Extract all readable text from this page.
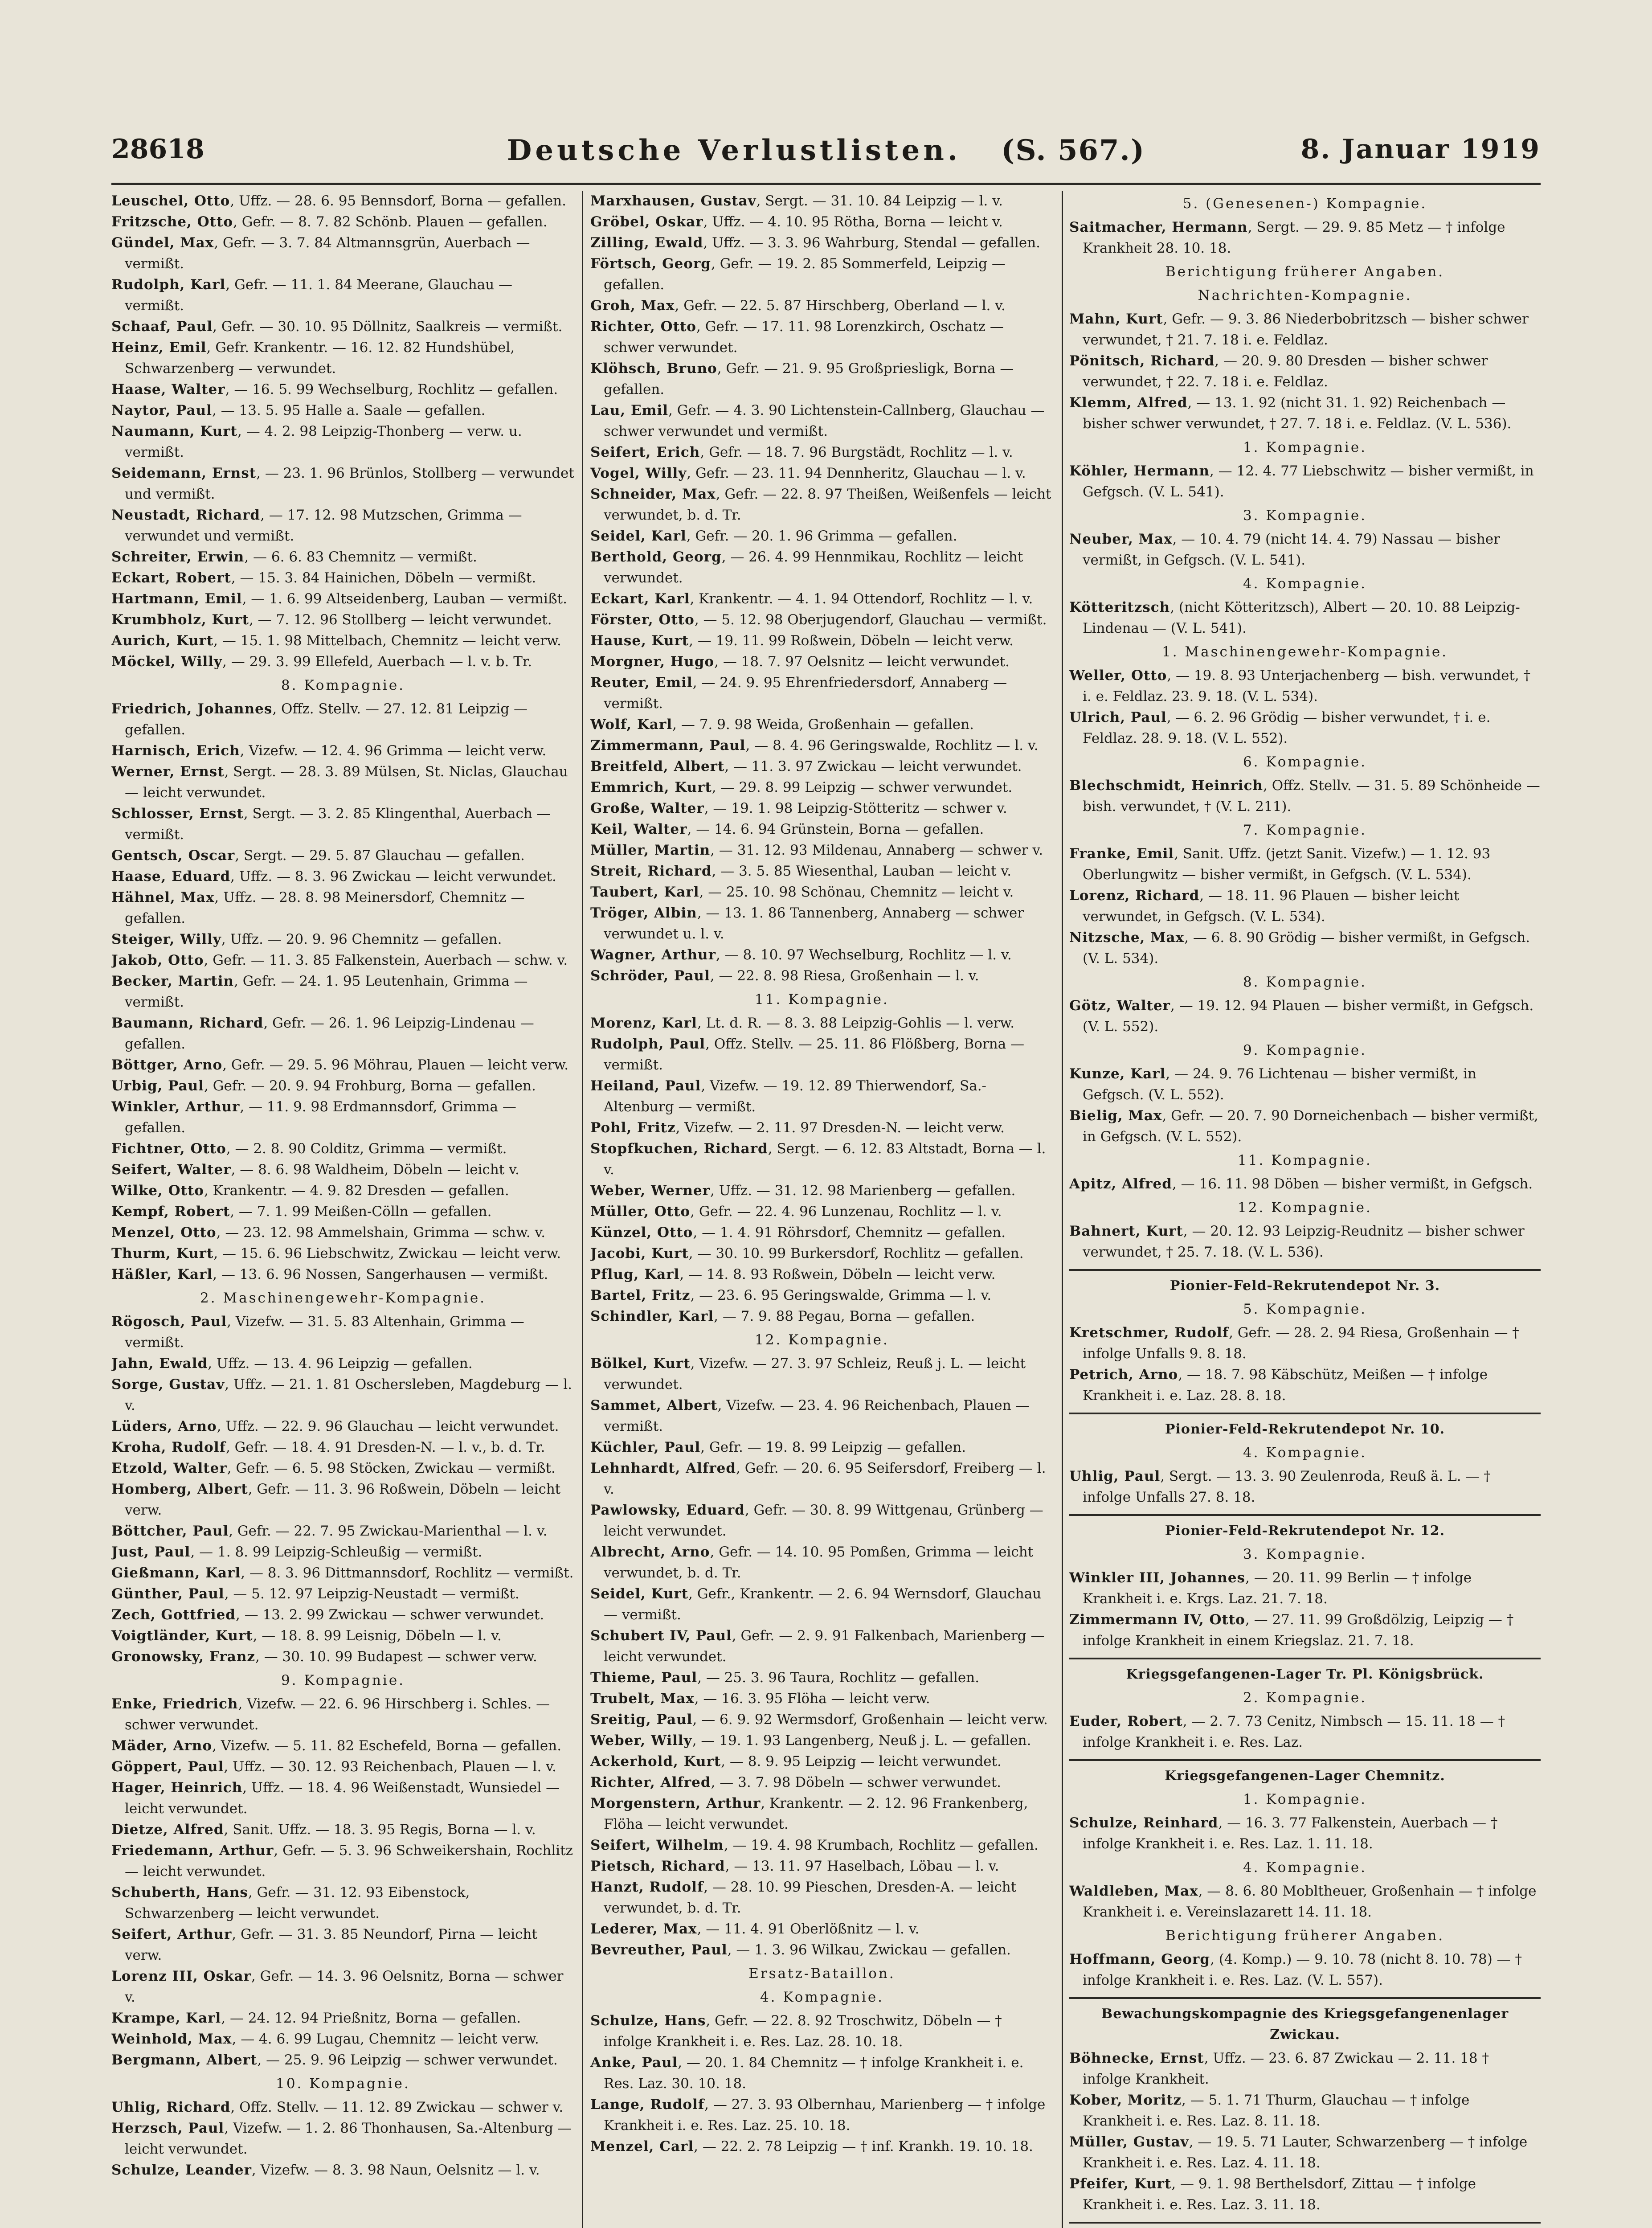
28618	Deutsche Verlustlisten. (S. 567.)	8. Januar 1919

Leuschel, Otto, Uffz. — 28. 6. 95 Bennsdorf, Borna — gefallen.

Fritzsche, Otto, Gefr. — 8. 7. 82 Schönb. Plauen — gefallen.

Gündel, Max, Gefr. — 3. 7. 84 Altmannsgrün, Auerbach — vermißt.

Rudolph, Karl, Gefr. — 11. 1. 84 Meerane, Glauchau — vermißt.

Schaaf, Paul, Gefr. — 30. 10. 95 Döllnitz, Saalkreis — vermißt.

Heinz, Emil, Gefr. Krankentr. — 16. 12. 82 Hundshübel, Schwarzenberg — verwundet.

Haase, Walter, — 16. 5. 99 Wechselburg, Rochlitz — gefallen.

Naytor, Paul, — 13. 5. 95 Halle a. Saale — gefallen.

Naumann, Kurt, — 4. 2. 98 Leipzig-Thonberg — verw. u. vermißt.

Seidemann, Ernst, — 23. 1. 96 Brünlos, Stollberg — verwundet und vermißt.

Neustadt, Richard, — 17. 12. 98 Mutzschen, Grimma — verwundet und vermißt.

Schreiter, Erwin, — 6. 6. 83 Chemnitz — vermißt.

Eckart, Robert, — 15. 3. 84 Hainichen, Döbeln — vermißt.

Hartmann, Emil, — 1. 6. 99 Altseidenberg, Lauban — vermißt.

Krumbholz, Kurt, — 7. 12. 96 Stollberg — leicht verwundet.

Aurich, Kurt, — 15. 1. 98 Mittelbach, Chemnitz — leicht verw.

Möckel, Willy, — 29. 3. 99 Ellefeld, Auerbach — l. v. b. Tr.

8. Kompagnie.

Friedrich, Johannes, Offz. Stellv. — 27. 12. 81 Leipzig — gefallen.

Harnisch, Erich, Vizefw. — 12. 4. 96 Grimma — leicht verw.

Werner, Ernst, Sergt. — 28. 3. 89 Mülsen, St. Niclas, Glauchau — leicht verwundet.

Schlosser, Ernst, Sergt. — 3. 2. 85 Klingenthal, Auerbach — vermißt.

Gentsch, Oscar, Sergt. — 29. 5. 87 Glauchau — gefallen.

Haase, Eduard, Uffz. — 8. 3. 96 Zwickau — leicht verwundet.

Hähnel, Max, Uffz. — 28. 8. 98 Meinersdorf, Chemnitz — gefallen.

Steiger, Willy, Uffz. — 20. 9. 96 Chemnitz — gefallen.

Jakob, Otto, Gefr. — 11. 3. 85 Falkenstein, Auerbach — schw. v.

Becker, Martin, Gefr. — 24. 1. 95 Leutenhain, Grimma — vermißt.

Baumann, Richard, Gefr. — 26. 1. 96 Leipzig-Lindenau — gefallen.

Böttger, Arno, Gefr. — 29. 5. 96 Möhrau, Plauen — leicht verw.

Urbig, Paul, Gefr. — 20. 9. 94 Frohburg, Borna — gefallen.

Winkler, Arthur, — 11. 9. 98 Erdmannsdorf, Grimma — gefallen.

Fichtner, Otto, — 2. 8. 90 Colditz, Grimma — vermißt.

Seifert, Walter, — 8. 6. 98 Waldheim, Döbeln — leicht v.

Wilke, Otto, Krankentr. — 4. 9. 82 Dresden — gefallen.

Kempf, Robert, — 7. 1. 99 Meißen-Cölln — gefallen.

Menzel, Otto, — 23. 12. 98 Ammelshain, Grimma — schw. v.

Thurm, Kurt, — 15. 6. 96 Liebschwitz, Zwickau — leicht verw.

Häßler, Karl, — 13. 6. 96 Nossen, Sangerhausen — vermißt.

2. Maschinengewehr-Kompagnie.

Rögosch, Paul, Vizefw. — 31. 5. 83 Altenhain, Grimma — vermißt.

Jahn, Ewald, Uffz. — 13. 4. 96 Leipzig — gefallen.

Sorge, Gustav, Uffz. — 21. 1. 81 Oschersleben, Magdeburg — l. v.

Lüders, Arno, Uffz. — 22. 9. 96 Glauchau — leicht verwundet.

Kroha, Rudolf, Gefr. — 18. 4. 91 Dresden-N. — l. v., b. d. Tr.

Etzold, Walter, Gefr. — 6. 5. 98 Stöcken, Zwickau — vermißt.

Homberg, Albert, Gefr. — 11. 3. 96 Roßwein, Döbeln — leicht verw.

Böttcher, Paul, Gefr. — 22. 7. 95 Zwickau-Marienthal — l. v.

Just, Paul, — 1. 8. 99 Leipzig-Schleußig — vermißt.

Gießmann, Karl, — 8. 3. 96 Dittmannsdorf, Rochlitz — vermißt.

Günther, Paul, — 5. 12. 97 Leipzig-Neustadt — vermißt.

Zech, Gottfried, — 13. 2. 99 Zwickau — schwer verwundet.

Voigtländer, Kurt, — 18. 8. 99 Leisnig, Döbeln — l. v.

Gronowsky, Franz, — 30. 10. 99 Budapest — schwer verw.

9. Kompagnie.

Enke, Friedrich, Vizefw. — 22. 6. 96 Hirschberg i. Schles. — schwer verwundet.

Mäder, Arno, Vizefw. — 5. 11. 82 Eschefeld, Borna — gefallen.

Göppert, Paul, Uffz. — 30. 12. 93 Reichenbach, Plauen — l. v.

Hager, Heinrich, Uffz. — 18. 4. 96 Weißenstadt, Wunsiedel — leicht verwundet.

Dietze, Alfred, Sanit. Uffz. — 18. 3. 95 Regis, Borna — l. v.

Friedemann, Arthur, Gefr. — 5. 3. 96 Schweikershain, Rochlitz — leicht verwundet.

Schuberth, Hans, Gefr. — 31. 12. 93 Eibenstock, Schwarzenberg — leicht verwundet.

Seifert, Arthur, Gefr. — 31. 3. 85 Neundorf, Pirna — leicht verw.

Lorenz III, Oskar, Gefr. — 14. 3. 96 Oelsnitz, Borna — schwer v.

Krampe, Karl, — 24. 12. 94 Prießnitz, Borna — gefallen.

Weinhold, Max, — 4. 6. 99 Lugau, Chemnitz — leicht verw.

Bergmann, Albert, — 25. 9. 96 Leipzig — schwer verwundet.

10. Kompagnie.

Uhlig, Richard, Offz. Stellv. — 11. 12. 89 Zwickau — schwer v.

Herzsch, Paul, Vizefw. — 1. 2. 86 Thonhausen, Sa.-Altenburg — leicht verwundet.

Schulze, Leander, Vizefw. — 8. 3. 98 Naun, Oelsnitz — l. v.

Marxhausen, Gustav, Sergt. — 31. 10. 84 Leipzig — l. v.

Gröbel, Oskar, Uffz. — 4. 10. 95 Rötha, Borna — leicht v.

Zilling, Ewald, Uffz. — 3. 3. 96 Wahrburg, Stendal — gefallen.

Förtsch, Georg, Gefr. — 19. 2. 85 Sommerfeld, Leipzig — gefallen.

Groh, Max, Gefr. — 22. 5. 87 Hirschberg, Oberland — l. v.

Richter, Otto, Gefr. — 17. 11. 98 Lorenzkirch, Oschatz — schwer verwundet.

Klöhsch, Bruno, Gefr. — 21. 9. 95 Großpriesligk, Borna — gefallen.

Lau, Emil, Gefr. — 4. 3. 90 Lichtenstein-Callnberg, Glauchau — schwer verwundet und vermißt.

Seifert, Erich, Gefr. — 18. 7. 96 Burgstädt, Rochlitz — l. v.

Vogel, Willy, Gefr. — 23. 11. 94 Dennheritz, Glauchau — l. v.

Schneider, Max, Gefr. — 22. 8. 97 Theißen, Weißenfels — leicht verwundet, b. d. Tr.

Seidel, Karl, Gefr. — 20. 1. 96 Grimma — gefallen.

Berthold, Georg, — 26. 4. 99 Hennmikau, Rochlitz — leicht verwundet.

Eckart, Karl, Krankentr. — 4. 1. 94 Ottendorf, Rochlitz — l. v.

Förster, Otto, — 5. 12. 98 Oberjugendorf, Glauchau — vermißt.

Hause, Kurt, — 19. 11. 99 Roßwein, Döbeln — leicht verw.

Morgner, Hugo, — 18. 7. 97 Oelsnitz — leicht verwundet.

Reuter, Emil, — 24. 9. 95 Ehrenfriedersdorf, Annaberg — vermißt.

Wolf, Karl, — 7. 9. 98 Weida, Großenhain — gefallen.

Zimmermann, Paul, — 8. 4. 96 Geringswalde, Rochlitz — l. v.

Breitfeld, Albert, — 11. 3. 97 Zwickau — leicht verwundet.

Emmrich, Kurt, — 29. 8. 99 Leipzig — schwer verwundet.

Große, Walter, — 19. 1. 98 Leipzig-Stötteritz — schwer v.

Keil, Walter, — 14. 6. 94 Grünstein, Borna — gefallen.

Müller, Martin, — 31. 12. 93 Mildenau, Annaberg — schwer v.

Streit, Richard, — 3. 5. 85 Wiesenthal, Lauban — leicht v.

Taubert, Karl, — 25. 10. 98 Schönau, Chemnitz — leicht v.

Tröger, Albin, — 13. 1. 86 Tannenberg, Annaberg — schwer verwundet u. l. v.

Wagner, Arthur, — 8. 10. 97 Wechselburg, Rochlitz — l. v.

Schröder, Paul, — 22. 8. 98 Riesa, Großenhain — l. v.

11. Kompagnie.

Morenz, Karl, Lt. d. R. — 8. 3. 88 Leipzig-Gohlis — l. verw.

Rudolph, Paul, Offz. Stellv. — 25. 11. 86 Flößberg, Borna — vermißt.

Heiland, Paul, Vizefw. — 19. 12. 89 Thierwendorf, Sa.-Altenburg — vermißt.

Pohl, Fritz, Vizefw. — 2. 11. 97 Dresden-N. — leicht verw.

Stopfkuchen, Richard, Sergt. — 6. 12. 83 Altstadt, Borna — l. v.

Weber, Werner, Uffz. — 31. 12. 98 Marienberg — gefallen.

Müller, Otto, Gefr. — 22. 4. 96 Lunzenau, Rochlitz — l. v.

Künzel, Otto, — 1. 4. 91 Röhrsdorf, Chemnitz — gefallen.

Jacobi, Kurt, — 30. 10. 99 Burkersdorf, Rochlitz — gefallen.

Pflug, Karl, — 14. 8. 93 Roßwein, Döbeln — leicht verw.

Bartel, Fritz, — 23. 6. 95 Geringswalde, Grimma — l. v.

Schindler, Karl, — 7. 9. 88 Pegau, Borna — gefallen.

12. Kompagnie.

Bölkel, Kurt, Vizefw. — 27. 3. 97 Schleiz, Reuß j. L. — leicht verwundet.

Sammet, Albert, Vizefw. — 23. 4. 96 Reichenbach, Plauen — vermißt.

Küchler, Paul, Gefr. — 19. 8. 99 Leipzig — gefallen.

Lehnhardt, Alfred, Gefr. — 20. 6. 95 Seifersdorf, Freiberg — l. v.

Pawlowsky, Eduard, Gefr. — 30. 8. 99 Wittgenau, Grünberg — leicht verwundet.

Albrecht, Arno, Gefr. — 14. 10. 95 Pomßen, Grimma — leicht verwundet, b. d. Tr.

Seidel, Kurt, Gefr., Krankentr. — 2. 6. 94 Wernsdorf, Glauchau — vermißt.

Schubert IV, Paul, Gefr. — 2. 9. 91 Falkenbach, Marienberg — leicht verwundet.

Thieme, Paul, — 25. 3. 96 Taura, Rochlitz — gefallen.

Trubelt, Max, — 16. 3. 95 Flöha — leicht verw.

Sreitig, Paul, — 6. 9. 92 Wermsdorf, Großenhain — leicht verw.

Weber, Willy, — 19. 1. 93 Langenberg, Neuß j. L. — gefallen.

Ackerhold, Kurt, — 8. 9. 95 Leipzig — leicht verwundet.

Richter, Alfred, — 3. 7. 98 Döbeln — schwer verwundet.

Morgenstern, Arthur, Krankentr. — 2. 12. 96 Frankenberg, Flöha — leicht verwundet.

Seifert, Wilhelm, — 19. 4. 98 Krumbach, Rochlitz — gefallen.

Pietsch, Richard, — 13. 11. 97 Haselbach, Löbau — l. v.

Hanzt, Rudolf, — 28. 10. 99 Pieschen, Dresden-A. — leicht verwundet, b. d. Tr.

Lederer, Max, — 11. 4. 91 Oberlößnitz — l. v.

Bevreuther, Paul, — 1. 3. 96 Wilkau, Zwickau — gefallen.

Ersatz-Bataillon.
4. Kompagnie.

Schulze, Hans, Gefr. — 22. 8. 92 Troschwitz, Döbeln — † infolge Krankheit i. e. Res. Laz. 28. 10. 18.

Anke, Paul, — 20. 1. 84 Chemnitz — † infolge Krankheit i. e. Res. Laz. 30. 10. 18.

Lange, Rudolf, — 27. 3. 93 Olbernhau, Marienberg — † infolge Krankheit i. e. Res. Laz. 25. 10. 18.

Menzel, Carl, — 22. 2. 78 Leipzig — † inf. Krankh. 19. 10. 18.

5. (Genesenen-) Kompagnie.

Saitmacher, Hermann, Sergt. — 29. 9. 85 Metz — † infolge Krankheit 28. 10. 18.

Berichtigung früherer Angaben.
Nachrichten-Kompagnie.

Mahn, Kurt, Gefr. — 9. 3. 86 Niederbobritzsch — bisher schwer verwundet, † 21. 7. 18 i. e. Feldlaz.

Pönitsch, Richard, — 20. 9. 80 Dresden — bisher schwer verwundet, † 22. 7. 18 i. e. Feldlaz.

Klemm, Alfred, — 13. 1. 92 (nicht 31. 1. 92) Reichenbach — bisher schwer verwundet, † 27. 7. 18 i. e. Feldlaz. (V. L. 536).

1. Kompagnie.

Köhler, Hermann, — 12. 4. 77 Liebschwitz — bisher vermißt, in Gefgsch. (V. L. 541).

3. Kompagnie.

Neuber, Max, — 10. 4. 79 (nicht 14. 4. 79) Nassau — bisher vermißt, in Gefgsch. (V. L. 541).

4. Kompagnie.

Kötteritzsch, (nicht Kötteritzsch), Albert — 20. 10. 88 Leipzig-Lindenau — (V. L. 541).

1. Maschinengewehr-Kompagnie.

Weller, Otto, — 19. 8. 93 Unterjachenberg — bish. verwundet, † i. e. Feldlaz. 23. 9. 18. (V. L. 534).

Ulrich, Paul, — 6. 2. 96 Grödig — bisher verwundet, † i. e. Feldlaz. 28. 9. 18. (V. L. 552).

6. Kompagnie.

Blechschmidt, Heinrich, Offz. Stellv. — 31. 5. 89 Schönheide — bish. verwundet, † (V. L. 211).

7. Kompagnie.

Franke, Emil, Sanit. Uffz. (jetzt Sanit. Vizefw.) — 1. 12. 93 Oberlungwitz — bisher vermißt, in Gefgsch. (V. L. 534).

Lorenz, Richard, — 18. 11. 96 Plauen — bisher leicht verwundet, in Gefgsch. (V. L. 534).

Nitzsche, Max, — 6. 8. 90 Grödig — bisher vermißt, in Gefgsch. (V. L. 534).

8. Kompagnie.

Götz, Walter, — 19. 12. 94 Plauen — bisher vermißt, in Gefgsch. (V. L. 552).

9. Kompagnie.

Kunze, Karl, — 24. 9. 76 Lichtenau — bisher vermißt, in Gefgsch. (V. L. 552).

Bielig, Max, Gefr. — 20. 7. 90 Dorneichenbach — bisher vermißt, in Gefgsch. (V. L. 552).

11. Kompagnie.

Apitz, Alfred, — 16. 11. 98 Döben — bisher vermißt, in Gefgsch.

12. Kompagnie.

Bahnert, Kurt, — 20. 12. 93 Leipzig-Reudnitz — bisher schwer verwundet, † 25. 7. 18. (V. L. 536).

Pionier-Feld-Rekrutendepot Nr. 3.
5. Kompagnie.

Kretschmer, Rudolf, Gefr. — 28. 2. 94 Riesa, Großenhain — † infolge Unfalls 9. 8. 18.

Petrich, Arno, — 18. 7. 98 Käbschütz, Meißen — † infolge Krankheit i. e. Laz. 28. 8. 18.

Pionier-Feld-Rekrutendepot Nr. 10.
4. Kompagnie.

Uhlig, Paul, Sergt. — 13. 3. 90 Zeulenroda, Reuß ä. L. — † infolge Unfalls 27. 8. 18.

Pionier-Feld-Rekrutendepot Nr. 12.
3. Kompagnie.

Winkler III, Johannes, — 20. 11. 99 Berlin — † infolge Krankheit i. e. Krgs. Laz. 21. 7. 18.

Zimmermann IV, Otto, — 27. 11. 99 Großdölzig, Leipzig — † infolge Krankheit in einem Kriegslaz. 21. 7. 18.

Kriegsgefangenen-Lager Tr. Pl. Königsbrück.
2. Kompagnie.

Euder, Robert, — 2. 7. 73 Cenitz, Nimbsch — 15. 11. 18 — † infolge Krankheit i. e. Res. Laz.

Kriegsgefangenen-Lager Chemnitz.
1. Kompagnie.

Schulze, Reinhard, — 16. 3. 77 Falkenstein, Auerbach — † infolge Krankheit i. e. Res. Laz. 1. 11. 18.

4. Kompagnie.

Waldleben, Max, — 8. 6. 80 Mobltheuer, Großenhain — † infolge Krankheit i. e. Vereinslazarett 14. 11. 18.

Berichtigung früherer Angaben.

Hoffmann, Georg, (4. Komp.) — 9. 10. 78 (nicht 8. 10. 78) — † infolge Krankheit i. e. Res. Laz. (V. L. 557).

Bewachungskompagnie des Kriegsgefangenenlager Zwickau.

Böhnecke, Ernst, Uffz. — 23. 6. 87 Zwickau — 2. 11. 18 † infolge Krankheit.

Kober, Moritz, — 5. 1. 71 Thurm, Glauchau — † infolge Krankheit i. e. Res. Laz. 8. 11. 18.

Müller, Gustav, — 19. 5. 71 Lauter, Schwarzenberg — † infolge Krankheit i. e. Res. Laz. 4. 11. 18.

Pfeifer, Kurt, — 9. 1. 98 Berthelsdorf, Zittau — † infolge Krankheit i. e. Res. Laz. 3. 11. 18.
